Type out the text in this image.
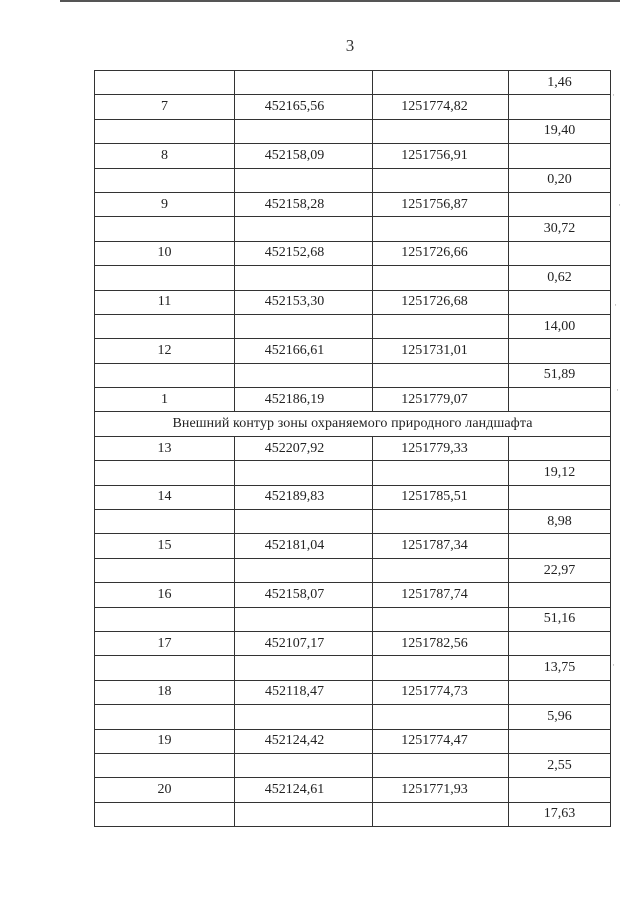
3
			1,46
7	452165,56	1251774,82	
			19,40
8	452158,09	1251756,91	
			0,20
9	452158,28	1251756,87	
			30,72
10	452152,68	1251726,66	
			0,62
11	452153,30	1251726,68	
			14,00
12	452166,61	1251731,01	
			51,89
1	452186,19	1251779,07	
Внешний контур зоны охраняемого природного ландшафта			
13	452207,92	1251779,33	
			19,12
14	452189,83	1251785,51	
			8,98
15	452181,04	1251787,34	
			22,97
16	452158,07	1251787,74	
			51,16
17	452107,17	1251782,56	
			13,75
18	452118,47	1251774,73	
			5,96
19	452124,42	1251774,47	
			2,55
20	452124,61	1251771,93	
			17,63
·
·
·
·
·
